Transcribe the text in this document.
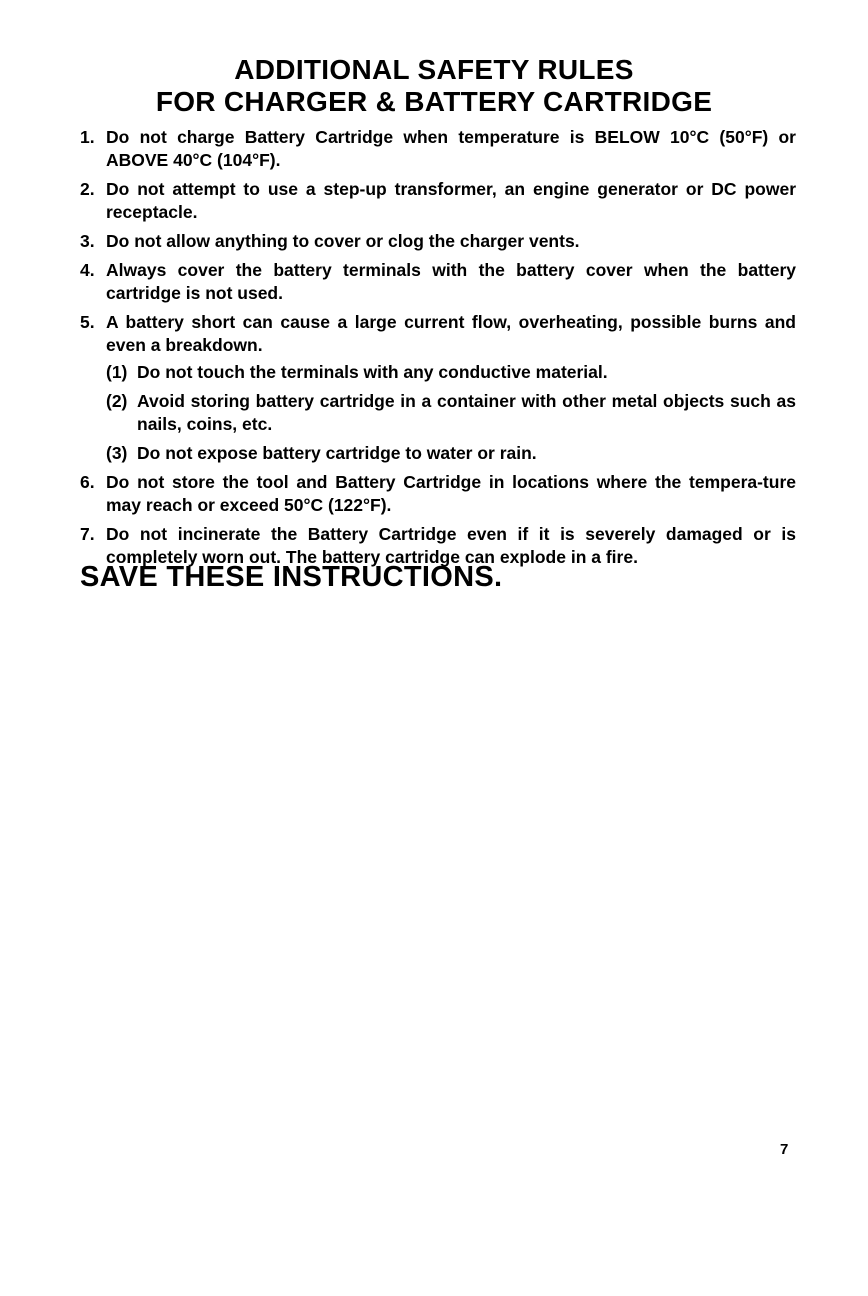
ADDITIONAL SAFETY RULES
FOR CHARGER & BATTERY CARTRIDGE
1. Do not charge Battery Cartridge when temperature is BELOW 10°C (50°F) or ABOVE 40°C (104°F).
2. Do not attempt to use a step-up transformer, an engine generator or DC power receptacle.
3. Do not allow anything to cover or clog the charger vents.
4. Always cover the battery terminals with the battery cover when the battery cartridge is not used.
5. A battery short can cause a large current flow, overheating, possible burns and even a breakdown.
(1) Do not touch the terminals with any conductive material.
(2) Avoid storing battery cartridge in a container with other metal objects such as nails, coins, etc.
(3) Do not expose battery cartridge to water or rain.
6. Do not store the tool and Battery Cartridge in locations where the tempera-ture may reach or exceed 50°C (122°F).
7. Do not incinerate the Battery Cartridge even if it is severely damaged or is completely worn out. The battery cartridge can explode in a fire.
SAVE THESE INSTRUCTIONS.
7
